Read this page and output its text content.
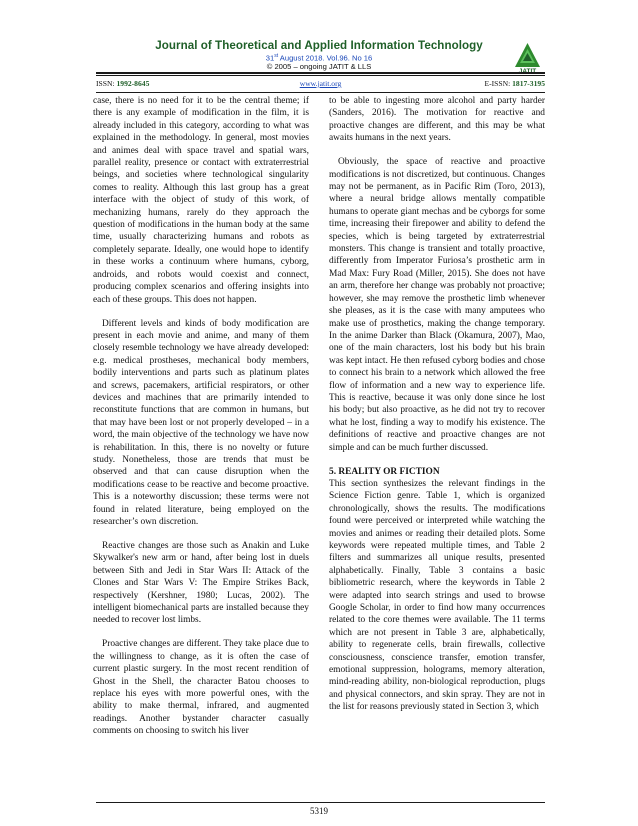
Journal of Theoretical and Applied Information Technology
31st August 2018. Vol.96. No 16
© 2005 – ongoing JATIT & LLS
JATIT
ISSN: 1992-8645	www.jatit.org	E-ISSN: 1817-3195

case, there is no need for it to be the central theme; if there is any example of modification in the film, it is already included in this category, according to what was explained in the methodology. In general, most movies and animes deal with space travel and spatial wars, parallel reality, presence or contact with extraterrestrial beings, and societies where technological singularity comes to reality. Although this last group has a great interface with the object of study of this work, of mechanizing humans, rarely do they approach the question of modifications in the human body at the same time, usually characterizing humans and robots as completely separate. Ideally, one would hope to identify in these works a continuum where humans, cyborg, androids, and robots would coexist and connect, producing complex scenarios and offering insights into each of these groups. This does not happen.

Different levels and kinds of body modification are present in each movie and anime, and many of them closely resemble technology we have already developed: e.g. medical prostheses, mechanical body members, bodily interventions and parts such as platinum plates and screws, pacemakers, artificial respirators, or other devices and machines that are primarily intended to reconstitute functions that are common in humans, but that may have been lost or not properly developed – in a word, the main objective of the technology we have now is rehabilitation. In this, there is no novelty or future study. Nonetheless, those are trends that must be observed and that can cause disruption when the modifications cease to be reactive and become proactive. This is a noteworthy discussion; these terms were not found in related literature, being employed on the researcher’s own discretion.

Reactive changes are those such as Anakin and Luke Skywalker's new arm or hand, after being lost in duels between Sith and Jedi in Star Wars II: Attack of the Clones and Star Wars V: The Empire Strikes Back, respectively (Kershner, 1980; Lucas, 2002). The intelligent biomechanical parts are installed because they needed to recover lost limbs.

Proactive changes are different. They take place due to the willingness to change, as it is often the case of current plastic surgery. In the most recent rendition of Ghost in the Shell, the character Batou chooses to replace his eyes with more powerful ones, with the ability to make thermal, infrared, and augmented readings. Another bystander character casually comments on choosing to switch his liver

to be able to ingesting more alcohol and party harder (Sanders, 2016). The motivation for reactive and proactive changes are different, and this may be what awaits humans in the next years.

Obviously, the space of reactive and proactive modifications is not discretized, but continuous. Changes may not be permanent, as in Pacific Rim (Toro, 2013), where a neural bridge allows mentally compatible humans to operate giant mechas and be cyborgs for some time, increasing their firepower and ability to defend the species, which is being targeted by extraterrestrial monsters. This change is transient and totally proactive, differently from Imperator Furiosa’s prosthetic arm in Mad Max: Fury Road (Miller, 2015). She does not have an arm, therefore her change was probably not proactive; however, she may remove the prosthetic limb whenever she pleases, as it is the case with many amputees who make use of prosthetics, making the change temporary. In the anime Darker than Black (Okamura, 2007), Mao, one of the main characters, lost his body but his brain was kept intact. He then refused cyborg bodies and chose to connect his brain to a network which allowed the free flow of information and a new way to experience life. This is reactive, because it was only done since he lost his body; but also proactive, as he did not try to recover what he lost, finding a way to modify his existence. The definitions of reactive and proactive changes are not simple and can be much further discussed.

5. REALITY OR FICTION

This section synthesizes the relevant findings in the Science Fiction genre. Table 1, which is organized chronologically, shows the results. The modifications found were perceived or interpreted while watching the movies and animes or reading their detailed plots. Some keywords were repeated multiple times, and Table 2 filters and summarizes all unique results, presented alphabetically. Finally, Table 3 contains a basic bibliometric research, where the keywords in Table 2 were adapted into search strings and used to browse Google Scholar, in order to find how many occurrences related to the core themes were available. The 11 terms which are not present in Table 3 are, alphabetically, ability to regenerate cells, brain firewalls, collective consciousness, conscience transfer, emotion transfer, emotional suppression, holograms, memory alteration, mind-reading ability, non-biological reproduction, plugs and physical connectors, and skin spray. They are not in the list for reasons previously stated in Section 3, which

5319
